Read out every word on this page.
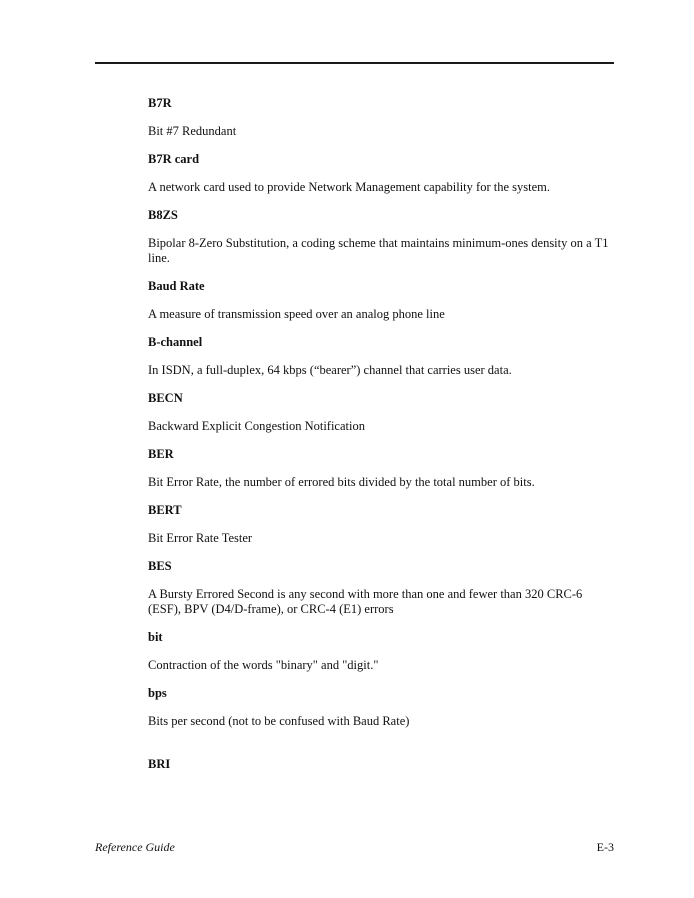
B7R
Bit #7 Redundant
B7R card
A network card used to provide Network Management capability for the system.
B8ZS
Bipolar 8-Zero Substitution, a coding scheme that maintains minimum-ones density on a T1 line.
Baud Rate
A measure of transmission speed over an analog phone line
B-channel
In ISDN, a full-duplex, 64 kbps (“bearer”) channel that carries user data.
BECN
Backward Explicit Congestion Notification
BER
Bit Error Rate, the number of errored bits divided by the total number of bits.
BERT
Bit Error Rate Tester
BES
A Bursty Errored Second is any second with more than one and fewer than 320 CRC-6 (ESF), BPV (D4/D-frame), or CRC-4 (E1) errors
bit
Contraction of the words "binary" and "digit."
bps
Bits per second (not to be confused with Baud Rate)
BRI
Reference Guide	E-3
